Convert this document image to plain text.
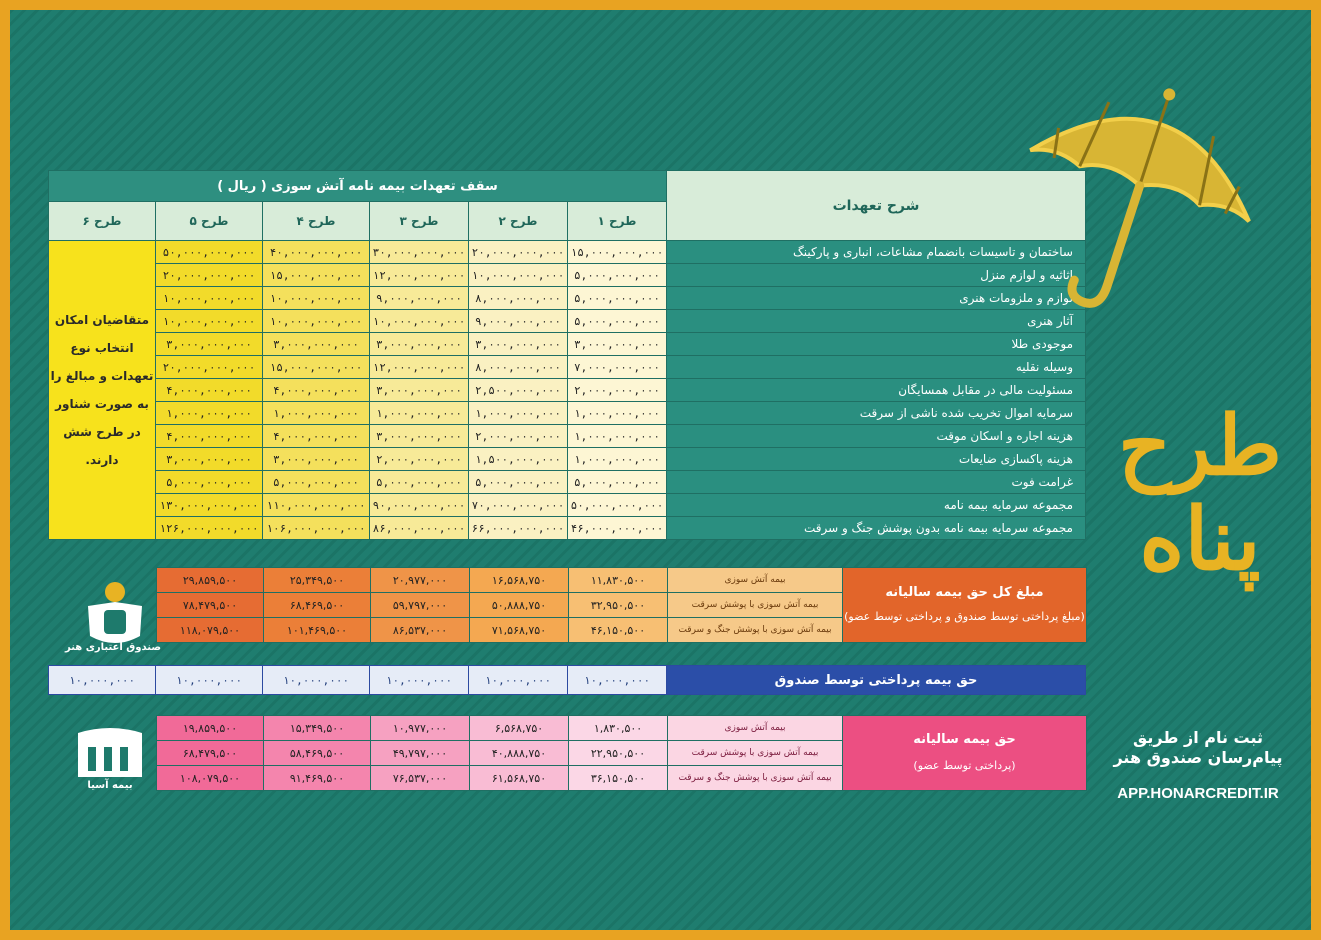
سقف تعهدات بیمه نامه آتش سوزی ( ریال )						شرح تعهدات
طرح ۶	طرح ۵	طرح ۴	طرح ۳	طرح ۲	طرح ۱	
متقاضیان امکان انتخاب نوع تعهدات و مبالغ را به صورت شناور در طرح شش دارند.	۵۰,۰۰۰,۰۰۰,۰۰۰	۴۰,۰۰۰,۰۰۰,۰۰۰	۳۰,۰۰۰,۰۰۰,۰۰۰	۲۰,۰۰۰,۰۰۰,۰۰۰	۱۵,۰۰۰,۰۰۰,۰۰۰	ساختمان و تاسیسات بانضمام مشاعات، انباری و پارکینگ
	۲۰,۰۰۰,۰۰۰,۰۰۰	۱۵,۰۰۰,۰۰۰,۰۰۰	۱۲,۰۰۰,۰۰۰,۰۰۰	۱۰,۰۰۰,۰۰۰,۰۰۰	۵,۰۰۰,۰۰۰,۰۰۰	اثاثیه و لوازم منزل
	۱۰,۰۰۰,۰۰۰,۰۰۰	۱۰,۰۰۰,۰۰۰,۰۰۰	۹,۰۰۰,۰۰۰,۰۰۰	۸,۰۰۰,۰۰۰,۰۰۰	۵,۰۰۰,۰۰۰,۰۰۰	لوازم و ملزومات هنری
	۱۰,۰۰۰,۰۰۰,۰۰۰	۱۰,۰۰۰,۰۰۰,۰۰۰	۱۰,۰۰۰,۰۰۰,۰۰۰	۹,۰۰۰,۰۰۰,۰۰۰	۵,۰۰۰,۰۰۰,۰۰۰	آثار هنری
	۳,۰۰۰,۰۰۰,۰۰۰	۳,۰۰۰,۰۰۰,۰۰۰	۳,۰۰۰,۰۰۰,۰۰۰	۳,۰۰۰,۰۰۰,۰۰۰	۳,۰۰۰,۰۰۰,۰۰۰	موجودی طلا
	۲۰,۰۰۰,۰۰۰,۰۰۰	۱۵,۰۰۰,۰۰۰,۰۰۰	۱۲,۰۰۰,۰۰۰,۰۰۰	۸,۰۰۰,۰۰۰,۰۰۰	۷,۰۰۰,۰۰۰,۰۰۰	وسیله نقلیه
	۴,۰۰۰,۰۰۰,۰۰۰	۴,۰۰۰,۰۰۰,۰۰۰	۳,۰۰۰,۰۰۰,۰۰۰	۲,۵۰۰,۰۰۰,۰۰۰	۲,۰۰۰,۰۰۰,۰۰۰	مسئولیت مالی در مقابل همسایگان
	۱,۰۰۰,۰۰۰,۰۰۰	۱,۰۰۰,۰۰۰,۰۰۰	۱,۰۰۰,۰۰۰,۰۰۰	۱,۰۰۰,۰۰۰,۰۰۰	۱,۰۰۰,۰۰۰,۰۰۰	سرمایه اموال تخریب شده ناشی از سرقت
	۴,۰۰۰,۰۰۰,۰۰۰	۴,۰۰۰,۰۰۰,۰۰۰	۳,۰۰۰,۰۰۰,۰۰۰	۲,۰۰۰,۰۰۰,۰۰۰	۱,۰۰۰,۰۰۰,۰۰۰	هزینه اجاره و اسکان موقت
	۳,۰۰۰,۰۰۰,۰۰۰	۳,۰۰۰,۰۰۰,۰۰۰	۲,۰۰۰,۰۰۰,۰۰۰	۱,۵۰۰,۰۰۰,۰۰۰	۱,۰۰۰,۰۰۰,۰۰۰	هزینه پاکسازی ضایعات
	۵,۰۰۰,۰۰۰,۰۰۰	۵,۰۰۰,۰۰۰,۰۰۰	۵,۰۰۰,۰۰۰,۰۰۰	۵,۰۰۰,۰۰۰,۰۰۰	۵,۰۰۰,۰۰۰,۰۰۰	غرامت فوت
	۱۳۰,۰۰۰,۰۰۰,۰۰۰	۱۱۰,۰۰۰,۰۰۰,۰۰۰	۹۰,۰۰۰,۰۰۰,۰۰۰	۷۰,۰۰۰,۰۰۰,۰۰۰	۵۰,۰۰۰,۰۰۰,۰۰۰	مجموعه سرمایه بیمه نامه
	۱۲۶,۰۰۰,۰۰۰,۰۰۰	۱۰۶,۰۰۰,۰۰۰,۰۰۰	۸۶,۰۰۰,۰۰۰,۰۰۰	۶۶,۰۰۰,۰۰۰,۰۰۰	۴۶,۰۰۰,۰۰۰,۰۰۰	مجموعه سرمایه بیمه نامه بدون پوشش جنگ و سرقت
۲۹,۸۵۹,۵۰۰	۲۵,۳۴۹,۵۰۰	۲۰,۹۷۷,۰۰۰	۱۶,۵۶۸,۷۵۰	۱۱,۸۳۰,۵۰۰	بیمه آتش سوزی	مبلغ کل حق بیمه سالیانه
(مبلغ پرداختی توسط صندوق و پرداختی توسط عضو)

۷۸,۴۷۹,۵۰۰	۶۸,۴۶۹,۵۰۰	۵۹,۷۹۷,۰۰۰	۵۰,۸۸۸,۷۵۰	۳۲,۹۵۰,۵۰۰	بیمه آتش سوزی با پوشش سرقت	
۱۱۸,۰۷۹,۵۰۰	۱۰۱,۴۶۹,۵۰۰	۸۶,۵۳۷,۰۰۰	۷۱,۵۶۸,۷۵۰	۴۶,۱۵۰,۵۰۰	بیمه آتش سوزی با پوشش جنگ و سرقت	
۱۰,۰۰۰,۰۰۰	۱۰,۰۰۰,۰۰۰	۱۰,۰۰۰,۰۰۰	۱۰,۰۰۰,۰۰۰	۱۰,۰۰۰,۰۰۰	۱۰,۰۰۰,۰۰۰	حق بیمه پرداختی توسط صندوق
۱۹,۸۵۹,۵۰۰	۱۵,۳۴۹,۵۰۰	۱۰,۹۷۷,۰۰۰	۶,۵۶۸,۷۵۰	۱,۸۳۰,۵۰۰	بیمه آتش سوزی	حق بیمه سالیانه
(پرداختی توسط عضو)

۶۸,۴۷۹,۵۰۰	۵۸,۴۶۹,۵۰۰	۴۹,۷۹۷,۰۰۰	۴۰,۸۸۸,۷۵۰	۲۲,۹۵۰,۵۰۰	بیمه آتش سوزی با پوشش سرقت	
۱۰۸,۰۷۹,۵۰۰	۹۱,۴۶۹,۵۰۰	۷۶,۵۳۷,۰۰۰	۶۱,۵۶۸,۷۵۰	۳۶,۱۵۰,۵۰۰	بیمه آتش سوزی با پوشش جنگ و سرقت	
صندوق اعتباری هنر
بیمه آسیا
طرح
پناه
ثبت نام از طریق
پیام‌رسان صندوق هنر
APP.HONARCREDIT.IR
